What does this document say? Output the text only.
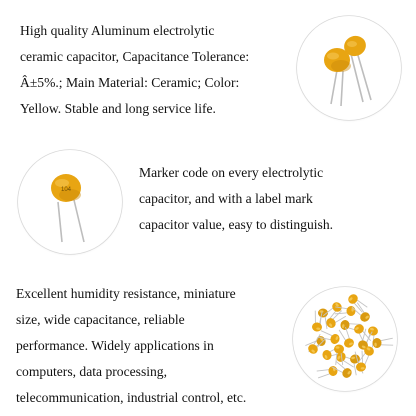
High quality Aluminum electrolytic
ceramic capacitor, Capacitance Tolerance:
Â±5%.; Main Material: Ceramic; Color:
Yellow. Stable and long service life.
104
Marker code on every electrolytic
capacitor, and with a label mark
capacitor value, easy to distinguish.
Excellent humidity resistance, miniature
size, wide capacitance, reliable
performance. Widely applications in
computers, data processing,
telecommunication, industrial control, etc.
